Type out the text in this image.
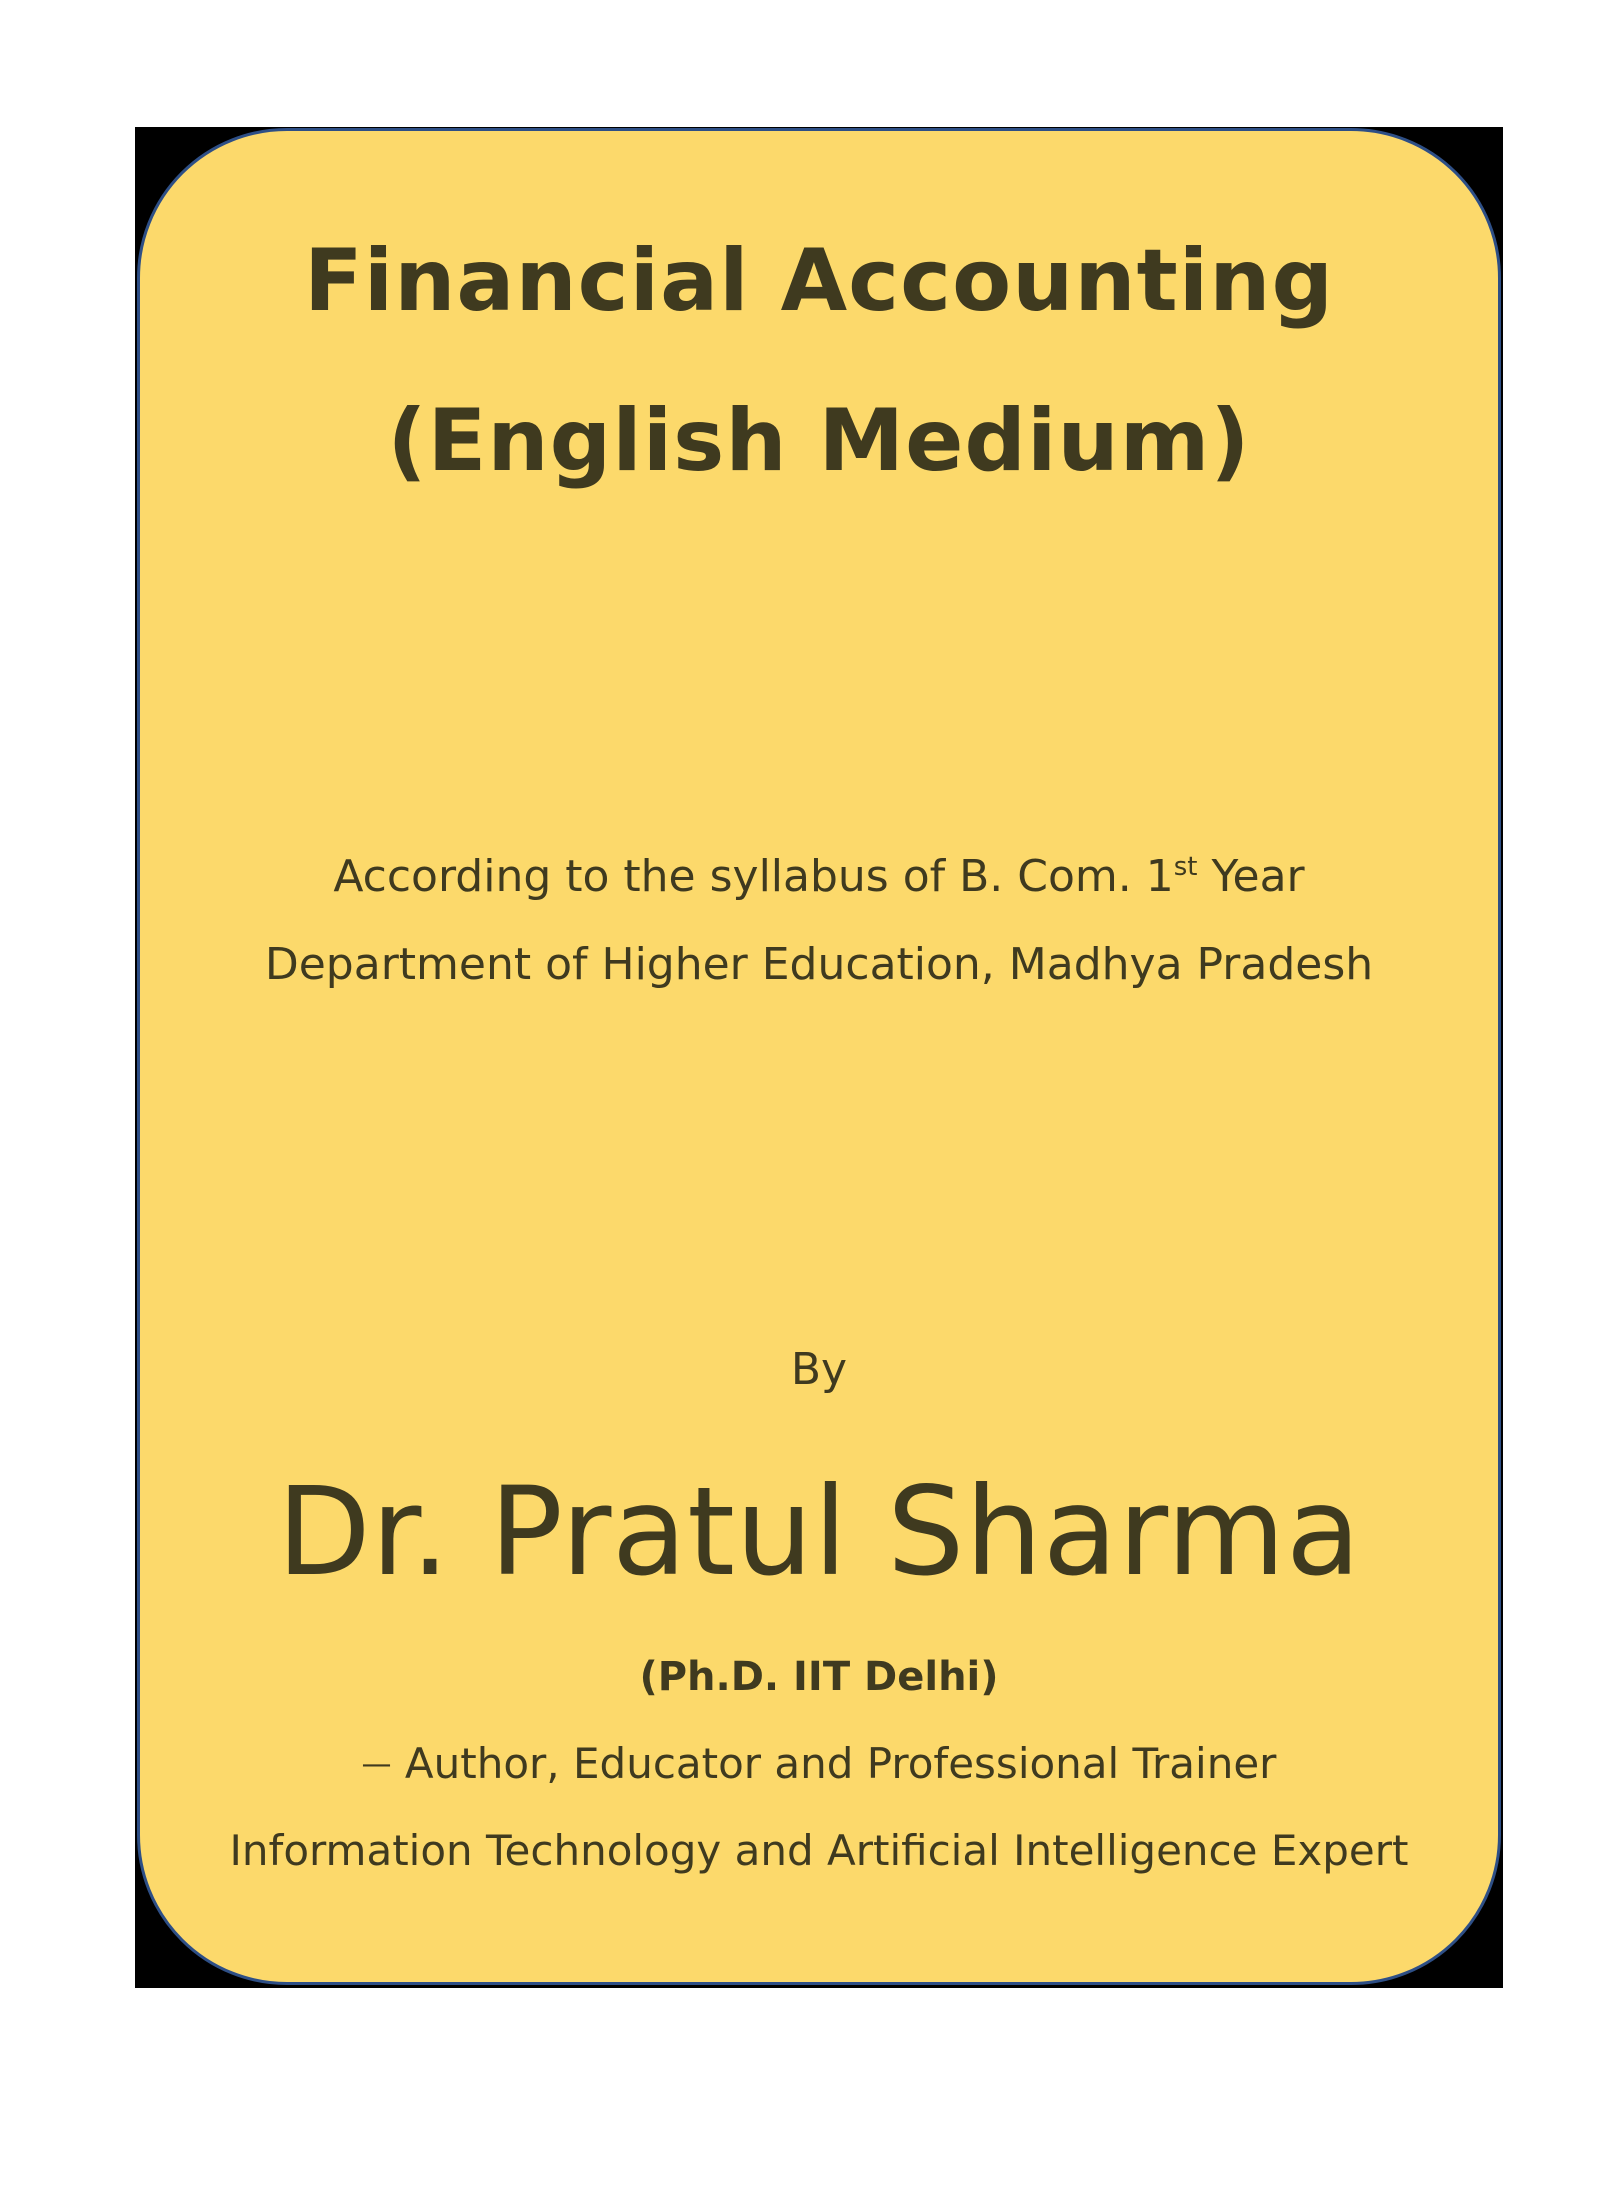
Financial Accounting
(English Medium)
According to the syllabus of B. Com. 1st Year
Department of Higher Education, Madhya Pradesh
By
Dr. Pratul Sharma
(Ph.D. IIT Delhi)
— Author, Educator and Professional Trainer
Information Technology and Artificial Intelligence Expert
